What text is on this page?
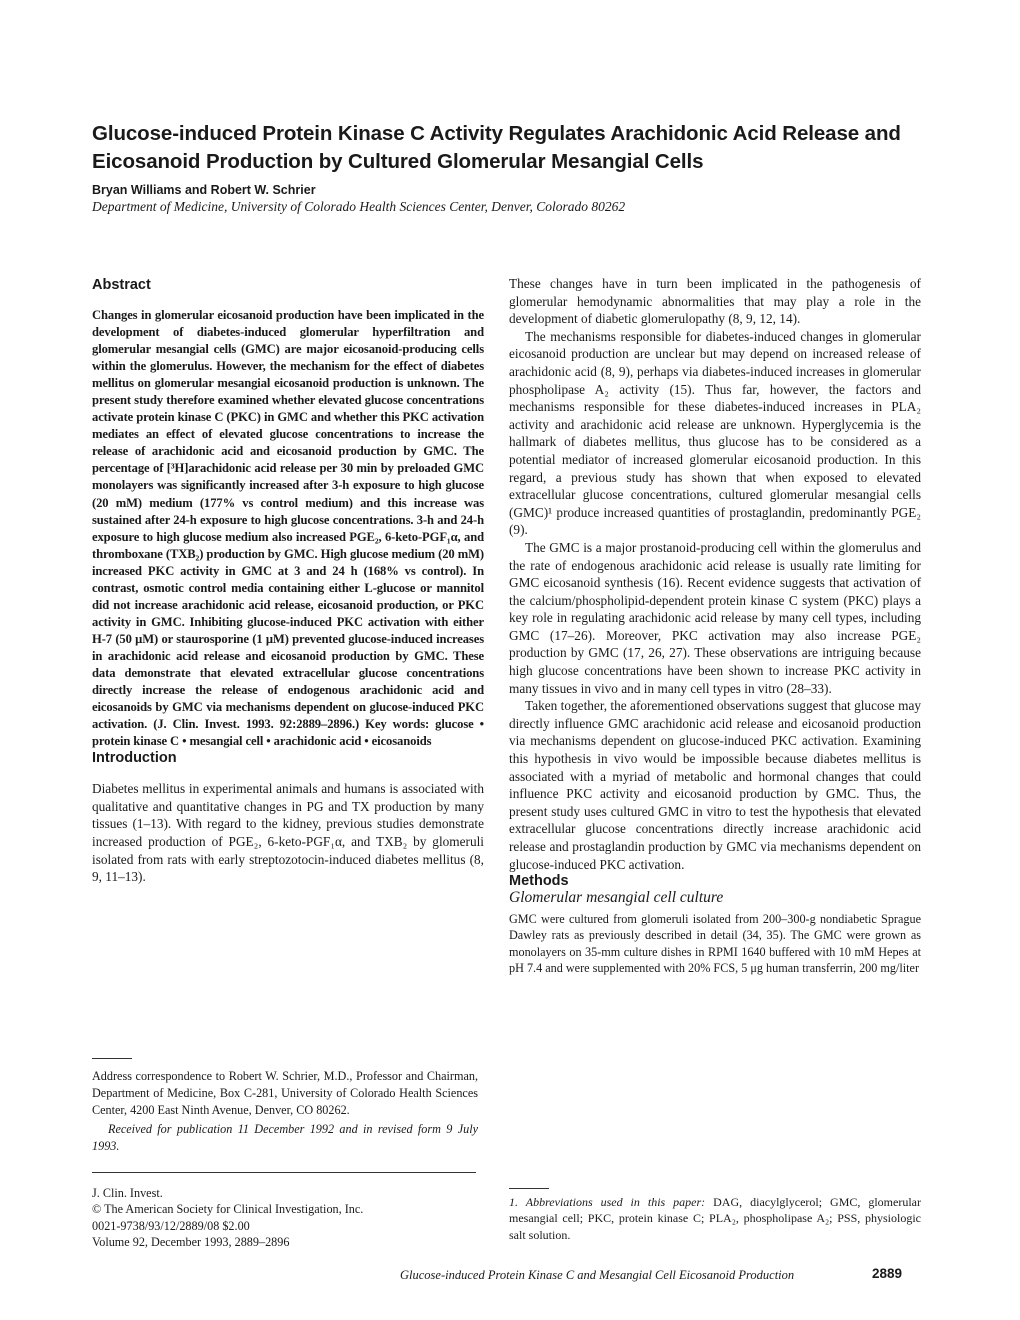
Glucose-induced Protein Kinase C Activity Regulates Arachidonic Acid Release and Eicosanoid Production by Cultured Glomerular Mesangial Cells
Bryan Williams and Robert W. Schrier
Department of Medicine, University of Colorado Health Sciences Center, Denver, Colorado 80262
Abstract

Changes in glomerular eicosanoid production have been implicated in the development of diabetes-induced glomerular hyperfiltration and glomerular mesangial cells (GMC) are major eicosanoid-producing cells within the glomerulus. However, the mechanism for the effect of diabetes mellitus on glomerular mesangial eicosanoid production is unknown. The present study therefore examined whether elevated glucose concentrations activate protein kinase C (PKC) in GMC and whether this PKC activation mediates an effect of elevated glucose concentrations to increase the release of arachidonic acid and eicosanoid production by GMC. The percentage of [³H]arachidonic acid release per 30 min by preloaded GMC monolayers was significantly increased after 3-h exposure to high glucose (20 mM) medium (177% vs control medium) and this increase was sustained after 24-h exposure to high glucose concentrations. 3-h and 24-h exposure to high glucose medium also increased PGE₂, 6-keto-PGF₁α, and thromboxane (TXB₂) production by GMC. High glucose medium (20 mM) increased PKC activity in GMC at 3 and 24 h (168% vs control). In contrast, osmotic control media containing either L-glucose or mannitol did not increase arachidonic acid release, eicosanoid production, or PKC activity in GMC. Inhibiting glucose-induced PKC activation with either H-7 (50 μM) or staurosporine (1 μM) prevented glucose-induced increases in arachidonic acid release and eicosanoid production by GMC. These data demonstrate that elevated extracellular glucose concentrations directly increase the release of endogenous arachidonic acid and eicosanoids by GMC via mechanisms dependent on glucose-induced PKC activation. (J. Clin. Invest. 1993. 92:2889–2896.) Key words: glucose • protein kinase C • mesangial cell • arachidonic acid • eicosanoids

Introduction

Diabetes mellitus in experimental animals and humans is associated with qualitative and quantitative changes in PG and TX production by many tissues (1–13). With regard to the kidney, previous studies demonstrate increased production of PGE₂, 6-keto-PGF₁α, and TXB₂ by glomeruli isolated from rats with early streptozotocin-induced diabetes mellitus (8, 9, 11–13).

Address correspondence to Robert W. Schrier, M.D., Professor and Chairman, Department of Medicine, Box C-281, University of Colorado Health Sciences Center, 4200 East Ninth Avenue, Denver, CO 80262.

Received for publication 11 December 1992 and in revised form 9 July 1993.

J. Clin. Invest.
© The American Society for Clinical Investigation, Inc.
0021-9738/93/12/2889/08 $2.00
Volume 92, December 1993, 2889–2896

These changes have in turn been implicated in the pathogenesis of glomerular hemodynamic abnormalities that may play a role in the development of diabetic glomerulopathy (8, 9, 12, 14).

The mechanisms responsible for diabetes-induced changes in glomerular eicosanoid production are unclear but may depend on increased release of arachidonic acid (8, 9), perhaps via diabetes-induced increases in glomerular phospholipase A₂ activity (15). Thus far, however, the factors and mechanisms responsible for these diabetes-induced increases in PLA₂ activity and arachidonic acid release are unknown. Hyperglycemia is the hallmark of diabetes mellitus, thus glucose has to be considered as a potential mediator of increased glomerular eicosanoid production. In this regard, a previous study has shown that when exposed to elevated extracellular glucose concentrations, cultured glomerular mesangial cells (GMC)¹ produce increased quantities of prostaglandin, predominantly PGE₂ (9).

The GMC is a major prostanoid-producing cell within the glomerulus and the rate of endogenous arachidonic acid release is usually rate limiting for GMC eicosanoid synthesis (16). Recent evidence suggests that activation of the calcium/phospholipid-dependent protein kinase C system (PKC) plays a key role in regulating arachidonic acid release by many cell types, including GMC (17–26). Moreover, PKC activation may also increase PGE₂ production by GMC (17, 26, 27). These observations are intriguing because high glucose concentrations have been shown to increase PKC activity in many tissues in vivo and in many cell types in vitro (28–33).

Taken together, the aforementioned observations suggest that glucose may directly influence GMC arachidonic acid release and eicosanoid production via mechanisms dependent on glucose-induced PKC activation. Examining this hypothesis in vivo would be impossible because diabetes mellitus is associated with a myriad of metabolic and hormonal changes that could influence PKC activity and eicosanoid production by GMC. Thus, the present study uses cultured GMC in vitro to test the hypothesis that elevated extracellular glucose concentrations directly increase arachidonic acid release and prostaglandin production by GMC via mechanisms dependent on glucose-induced PKC activation.

Methods
Glomerular mesangial cell culture

GMC were cultured from glomeruli isolated from 200–300-g nondiabetic Sprague Dawley rats as previously described in detail (34, 35). The GMC were grown as monolayers on 35-mm culture dishes in RPMI 1640 buffered with 10 mM Hepes at pH 7.4 and were supplemented with 20% FCS, 5 μg human transferrin, 200 mg/liter

1. Abbreviations used in this paper: DAG, diacylglycerol; GMC, glomerular mesangial cell; PKC, protein kinase C; PLA₂, phospholipase A₂; PSS, physiologic salt solution.
Glucose-induced Protein Kinase C and Mesangial Cell Eicosanoid Production	2889
